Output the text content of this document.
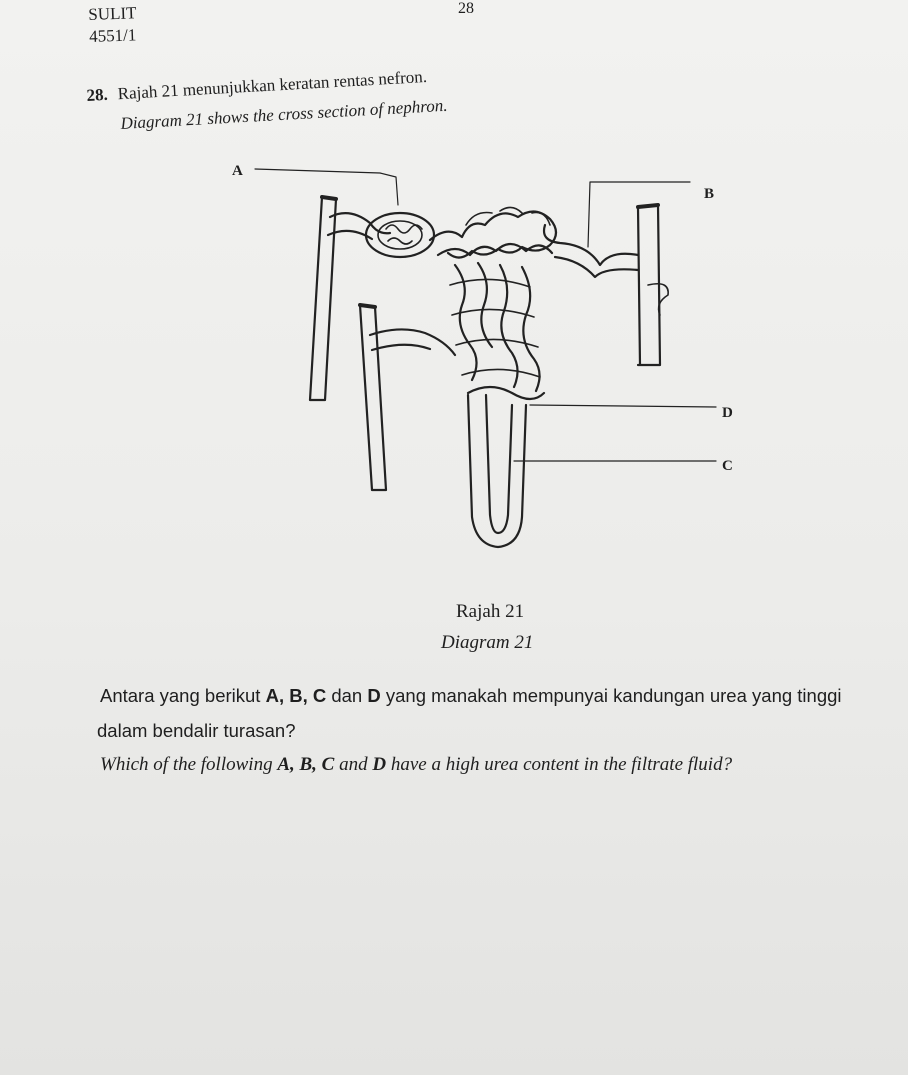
SULIT
4551/1
28
28. Rajah 21 menunjukkan keratan rentas nefron.
Diagram 21 shows the cross section of nephron.
A
B
D
C
Rajah 21
Diagram 21
Antara yang berikut A, B, C dan D yang manakah mempunyai kandungan urea yang tinggi
dalam bendalir turasan?
Which of the following A, B, C and D have a high urea content in the filtrate fluid?
